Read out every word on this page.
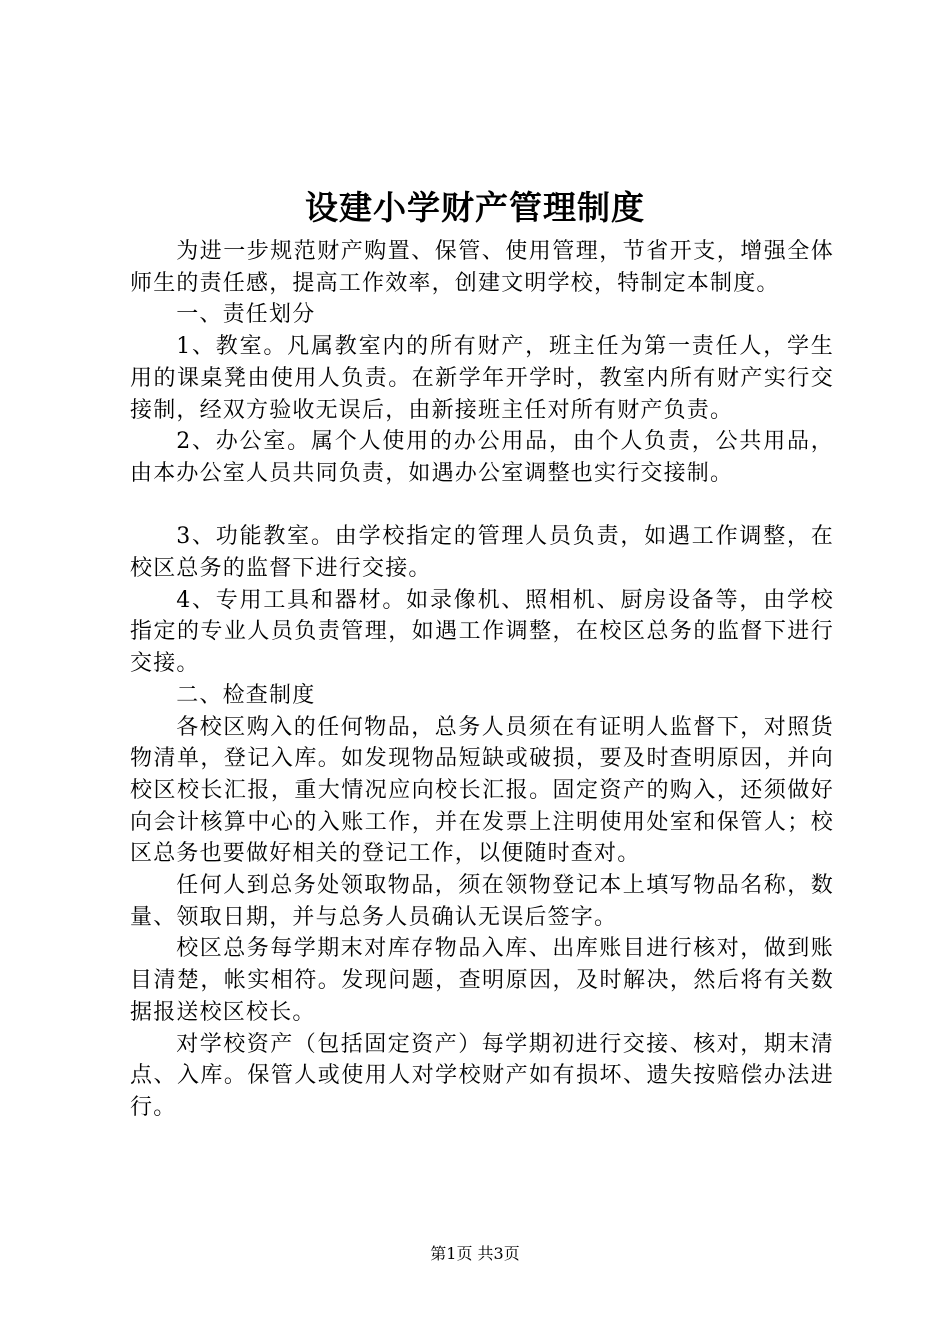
设建小学财产管理制度

为进一步规范财产购置、保管、使用管理，节省开支，增强全体师生的责任感，提高工作效率，创建文明学校，特制定本制度。

一、责任划分

1、教室。凡属教室内的所有财产，班主任为第一责任人，学生用的课桌凳由使用人负责。在新学年开学时，教室内所有财产实行交接制，经双方验收无误后，由新接班主任对所有财产负责。

2、办公室。属个人使用的办公用品，由个人负责，公共用品，由本办公室人员共同负责，如遇办公室调整也实行交接制。

3、功能教室。由学校指定的管理人员负责，如遇工作调整，在校区总务的监督下进行交接。

4、专用工具和器材。如录像机、照相机、厨房设备等，由学校指定的专业人员负责管理，如遇工作调整，在校区总务的监督下进行交接。

二、检查制度

各校区购入的任何物品，总务人员须在有证明人监督下，对照货物清单，登记入库。如发现物品短缺或破损，要及时查明原因，并向校区校长汇报，重大情况应向校长汇报。固定资产的购入，还须做好向会计核算中心的入账工作，并在发票上注明使用处室和保管人；校区总务也要做好相关的登记工作，以便随时查对。

任何人到总务处领取物品，须在领物登记本上填写物品名称，数量、领取日期，并与总务人员确认无误后签字。

校区总务每学期末对库存物品入库、出库账目进行核对，做到账目清楚，帐实相符。发现问题，查明原因，及时解决，然后将有关数据报送校区校长。

对学校资产（包括固定资产）每学期初进行交接、核对，期末清点、入库。保管人或使用人对学校财产如有损坏、遗失按赔偿办法进行。

第1页 共3页
